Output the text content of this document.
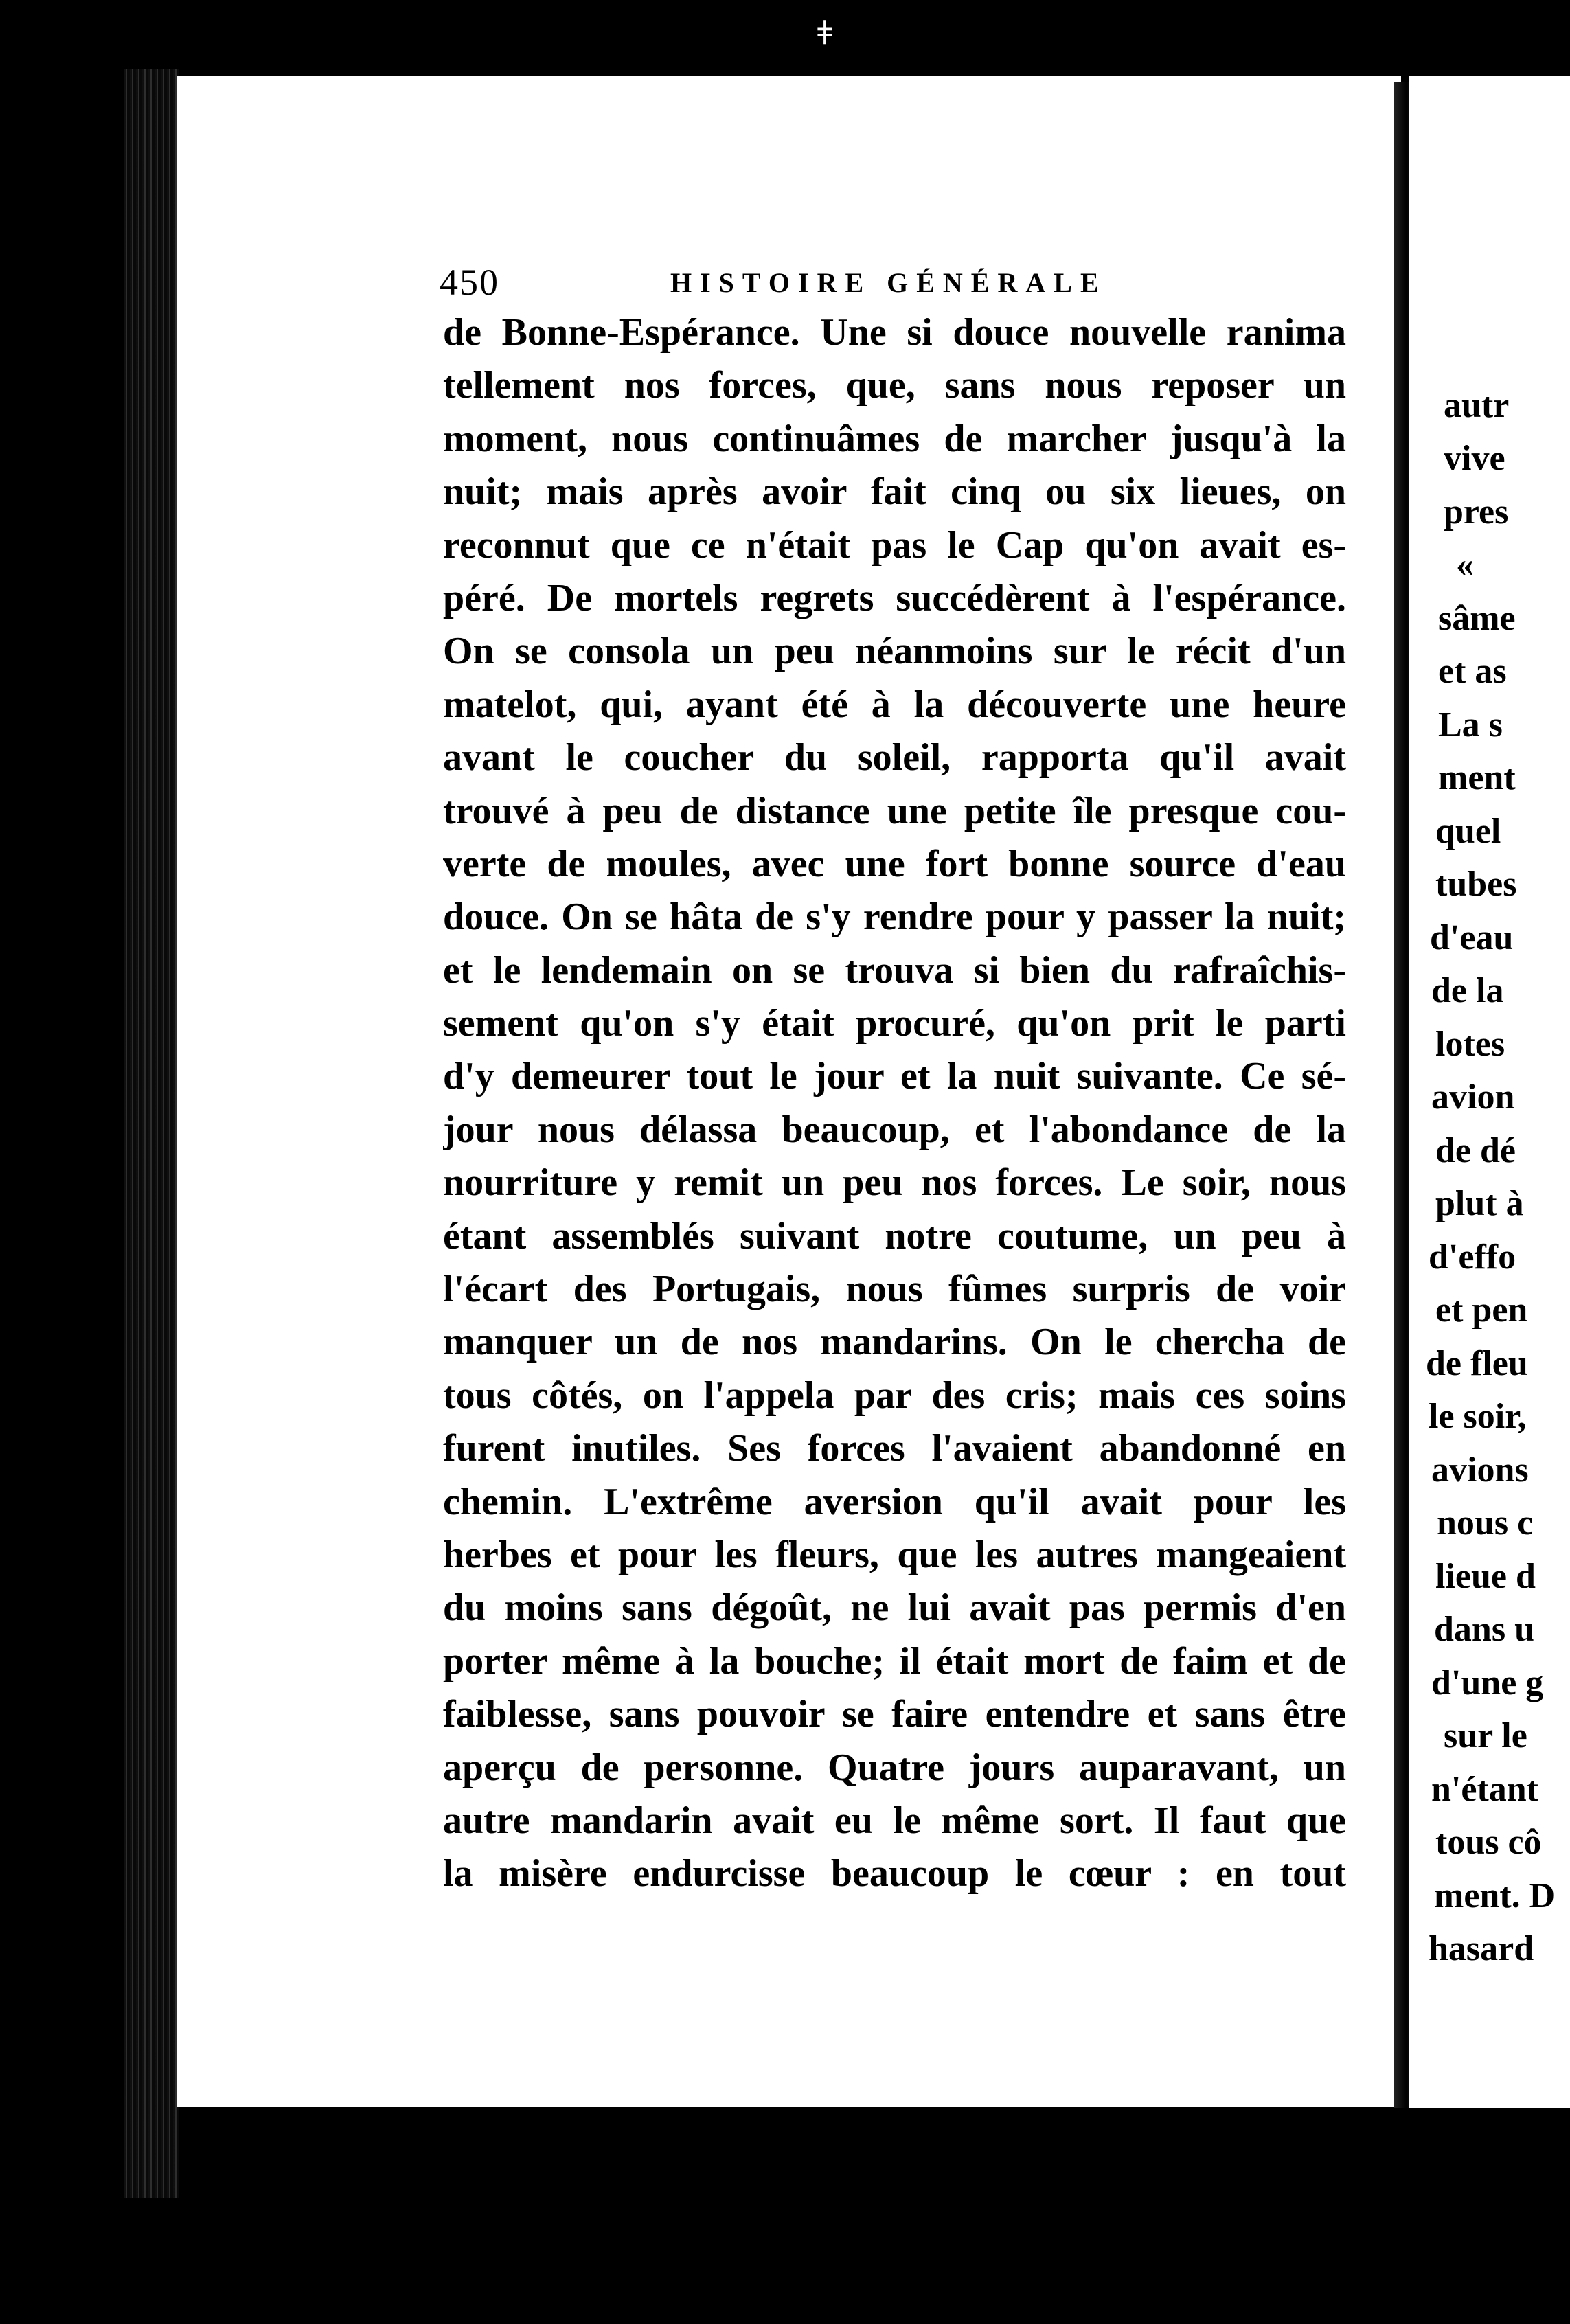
ǂ
450	HISTOIRE GÉNÉRALE
de Bonne-Espérance. Une si douce nouvelle ranima
tellement nos forces, que, sans nous reposer un
moment, nous continuâmes de marcher jusqu'à la
nuit; mais après avoir fait cinq ou six lieues, on
reconnut que ce n'était pas le Cap qu'on avait es-
péré. De mortels regrets succédèrent à l'espérance.
On se consola un peu néanmoins sur le récit d'un
matelot, qui, ayant été à la découverte une heure
avant le coucher du soleil, rapporta qu'il avait
trouvé à peu de distance une petite île presque cou-
verte de moules, avec une fort bonne source d'eau
douce. On se hâta de s'y rendre pour y passer la nuit;
et le lendemain on se trouva si bien du rafraîchis-
sement qu'on s'y était procuré, qu'on prit le parti
d'y demeurer tout le jour et la nuit suivante. Ce sé-
jour nous délassa beaucoup, et l'abondance de la
nourriture y remit un peu nos forces. Le soir, nous
étant assemblés suivant notre coutume, un peu à
l'écart des Portugais, nous fûmes surpris de voir
manquer un de nos mandarins. On le chercha de
tous côtés, on l'appela par des cris; mais ces soins
furent inutiles. Ses forces l'avaient abandonné en
chemin. L'extrême aversion qu'il avait pour les
herbes et pour les fleurs, que les autres mangeaient
du moins sans dégoût, ne lui avait pas permis d'en
porter même à la bouche; il était mort de faim et de
faiblesse, sans pouvoir se faire entendre et sans être
aperçu de personne. Quatre jours auparavant, un
autre mandarin avait eu le même sort. Il faut que
la misère endurcisse beaucoup le cœur : en tout
autr
vive
pres
«
sâme
et as
La s
ment
quel
tubes
d'eau
de la
lotes
avion
de dé
plut à
d'effo
et pen
de fleu
le soir,
avions
nous c
lieue d
dans u
d'une g
sur le
n'étant
tous cô
ment. D
hasard
